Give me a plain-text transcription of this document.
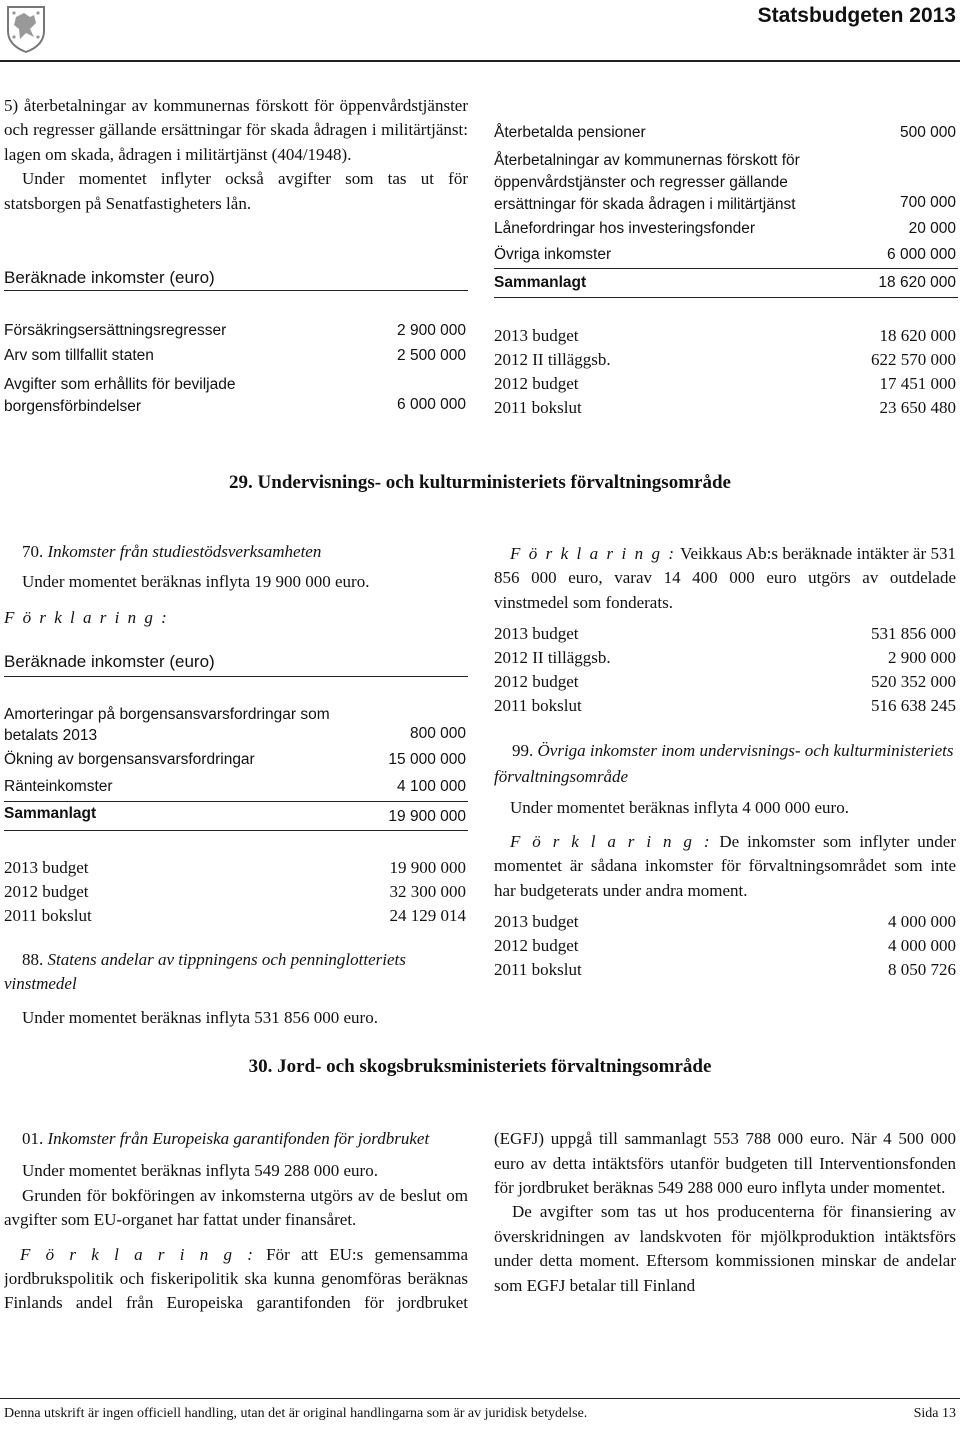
Statsbudgeten 2013

5) återbetalningar av kommunernas förskott för öppenvårdstjänster och regresser gällande ersättningar för skada ådragen i militärtjänst: lagen om skada, ådragen i militärtjänst (404/1948).

Under momentet inflyter också avgifter som tas ut för statsborgen på Senatfastigheters lån.

Beräknade inkomster (euro)
Försäkringsersättningsregresser	2 900 000
Arv som tillfallit staten	2 500 000
Avgifter som erhållits för beviljade borgensförbindelser	6 000 000
Återbetalda pensioner	500 000
Återbetalningar av kommunernas förskott för öppenvårdstjänster och regresser gällande ersättningar för skada ådragen i militärtjänst	700 000
Lånefordringar hos investeringsfonder	20 000
Övriga inkomster	6 000 000
Sammanlagt	18 620 000
2013 budget	18 620 000
2012 II tilläggsb.	622 570 000
2012 budget	17 451 000
2011 bokslut	23 650 480
29. Undervisnings- och kulturministeriets förvaltningsområde
70. Inkomster från studiestödsverksamheten
Under momentet beräknas inflyta 19 900 000 euro.
F ö r k l a r i n g :
Beräknade inkomster (euro)
Amorteringar på borgensansvarsfordringar som betalats 2013	800 000
Ökning av borgensansvarsfordringar	15 000 000
Ränteinkomster	4 100 000
Sammanlagt	19 900 000
2013 budget	19 900 000
2012 budget	32 300 000
2011 bokslut	24 129 014
88. Statens andelar av tippningens och penninglotteriets vinstmedel
Under momentet beräknas inflyta 531 856 000 euro.

F ö r k l a r i n g : Veikkaus Ab:s beräknade intäkter är 531 856 000 euro, varav 14 400 000 euro utgörs av outdelade vinstmedel som fonderats.

2013 budget	531 856 000
2012 II tilläggsb.	2 900 000
2012 budget	520 352 000
2011 bokslut	516 638 245
99. Övriga inkomster inom undervisnings- och kulturministeriets förvaltningsområde
Under momentet beräknas inflyta 4 000 000 euro.

F ö r k l a r i n g : De inkomster som inflyter under momentet är sådana inkomster för förvaltningsområdet som inte har budgeterats under andra moment.

2013 budget	4 000 000
2012 budget	4 000 000
2011 bokslut	8 050 726
30. Jord- och skogsbruksministeriets förvaltningsområde

01. Inkomster från Europeiska garantifonden för jordbruket

Under momentet beräknas inflyta 549 288 000 euro.

Grunden för bokföringen av inkomsterna utgörs av de beslut om avgifter som EU-organet har fattat under finansåret.

F ö r k l a r i n g : För att EU:s gemensamma jordbrukspolitik och fiskeripolitik ska kunna genomföras beräknas Finlands andel från Europeiska garantifonden för jordbruket

(EGFJ) uppgå till sammanlagt 553 788 000 euro. När 4 500 000 euro av detta intäktsförs utanför budgeten till Interventionsfonden för jordbruket beräknas 549 288 000 euro inflyta under momentet.

De avgifter som tas ut hos producenterna för finansiering av överskridningen av landskvoten för mjölkproduktion intäktsförs under detta moment. Eftersom kommissionen minskar de andelar som EGFJ betalar till Finland

Denna utskrift är ingen officiell handling, utan det är original handlingarna som är av juridisk betydelse.	Sida 13
